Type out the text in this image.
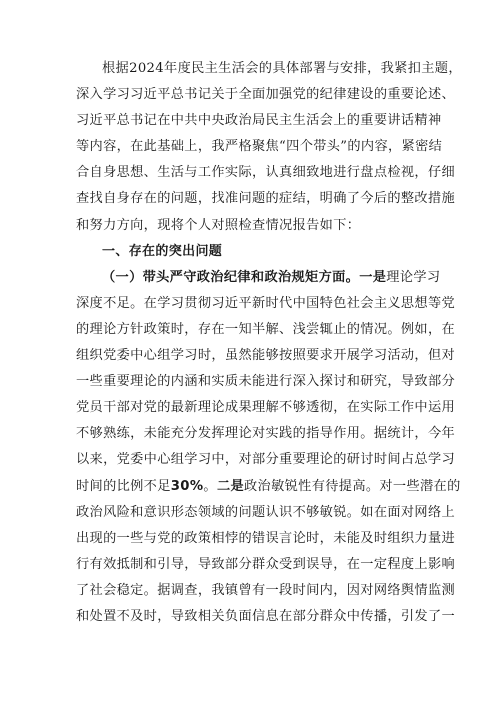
根据2024年度民主生活会的具体部署与安排，我紧扣主题，
深入学习习近平总书记关于全面加强党的纪律建设的重要论述、
习近平总书记在中共中央政治局民主生活会上的重要讲话精神
等内容，在此基础上，我严格聚焦“四个带头”的内容，紧密结
合自身思想、生活与工作实际，认真细致地进行盘点检视，仔细
查找自身存在的问题，找准问题的症结，明确了今后的整改措施
和努力方向，现将个人对照检查情况报告如下：
一、存在的突出问题
（一）带头严守政治纪律和政治规矩方面。一是理论学习
深度不足。在学习贯彻习近平新时代中国特色社会主义思想等党
的理论方针政策时，存在一知半解、浅尝辄止的情况。例如，在
组织党委中心组学习时，虽然能够按照要求开展学习活动，但对
一些重要理论的内涵和实质未能进行深入探讨和研究，导致部分
党员干部对党的最新理论成果理解不够透彻，在实际工作中运用
不够熟练，未能充分发挥理论对实践的指导作用。据统计，今年
以来，党委中心组学习中，对部分重要理论的研讨时间占总学习
时间的比例不足30%。二是政治敏锐性有待提高。对一些潜在的
政治风险和意识形态领域的问题认识不够敏锐。如在面对网络上
出现的一些与党的政策相悖的错误言论时，未能及时组织力量进
行有效抵制和引导，导致部分群众受到误导，在一定程度上影响
了社会稳定。据调查，我镇曾有一段时间内，因对网络舆情监测
和处置不及时，导致相关负面信息在部分群众中传播，引发了一
